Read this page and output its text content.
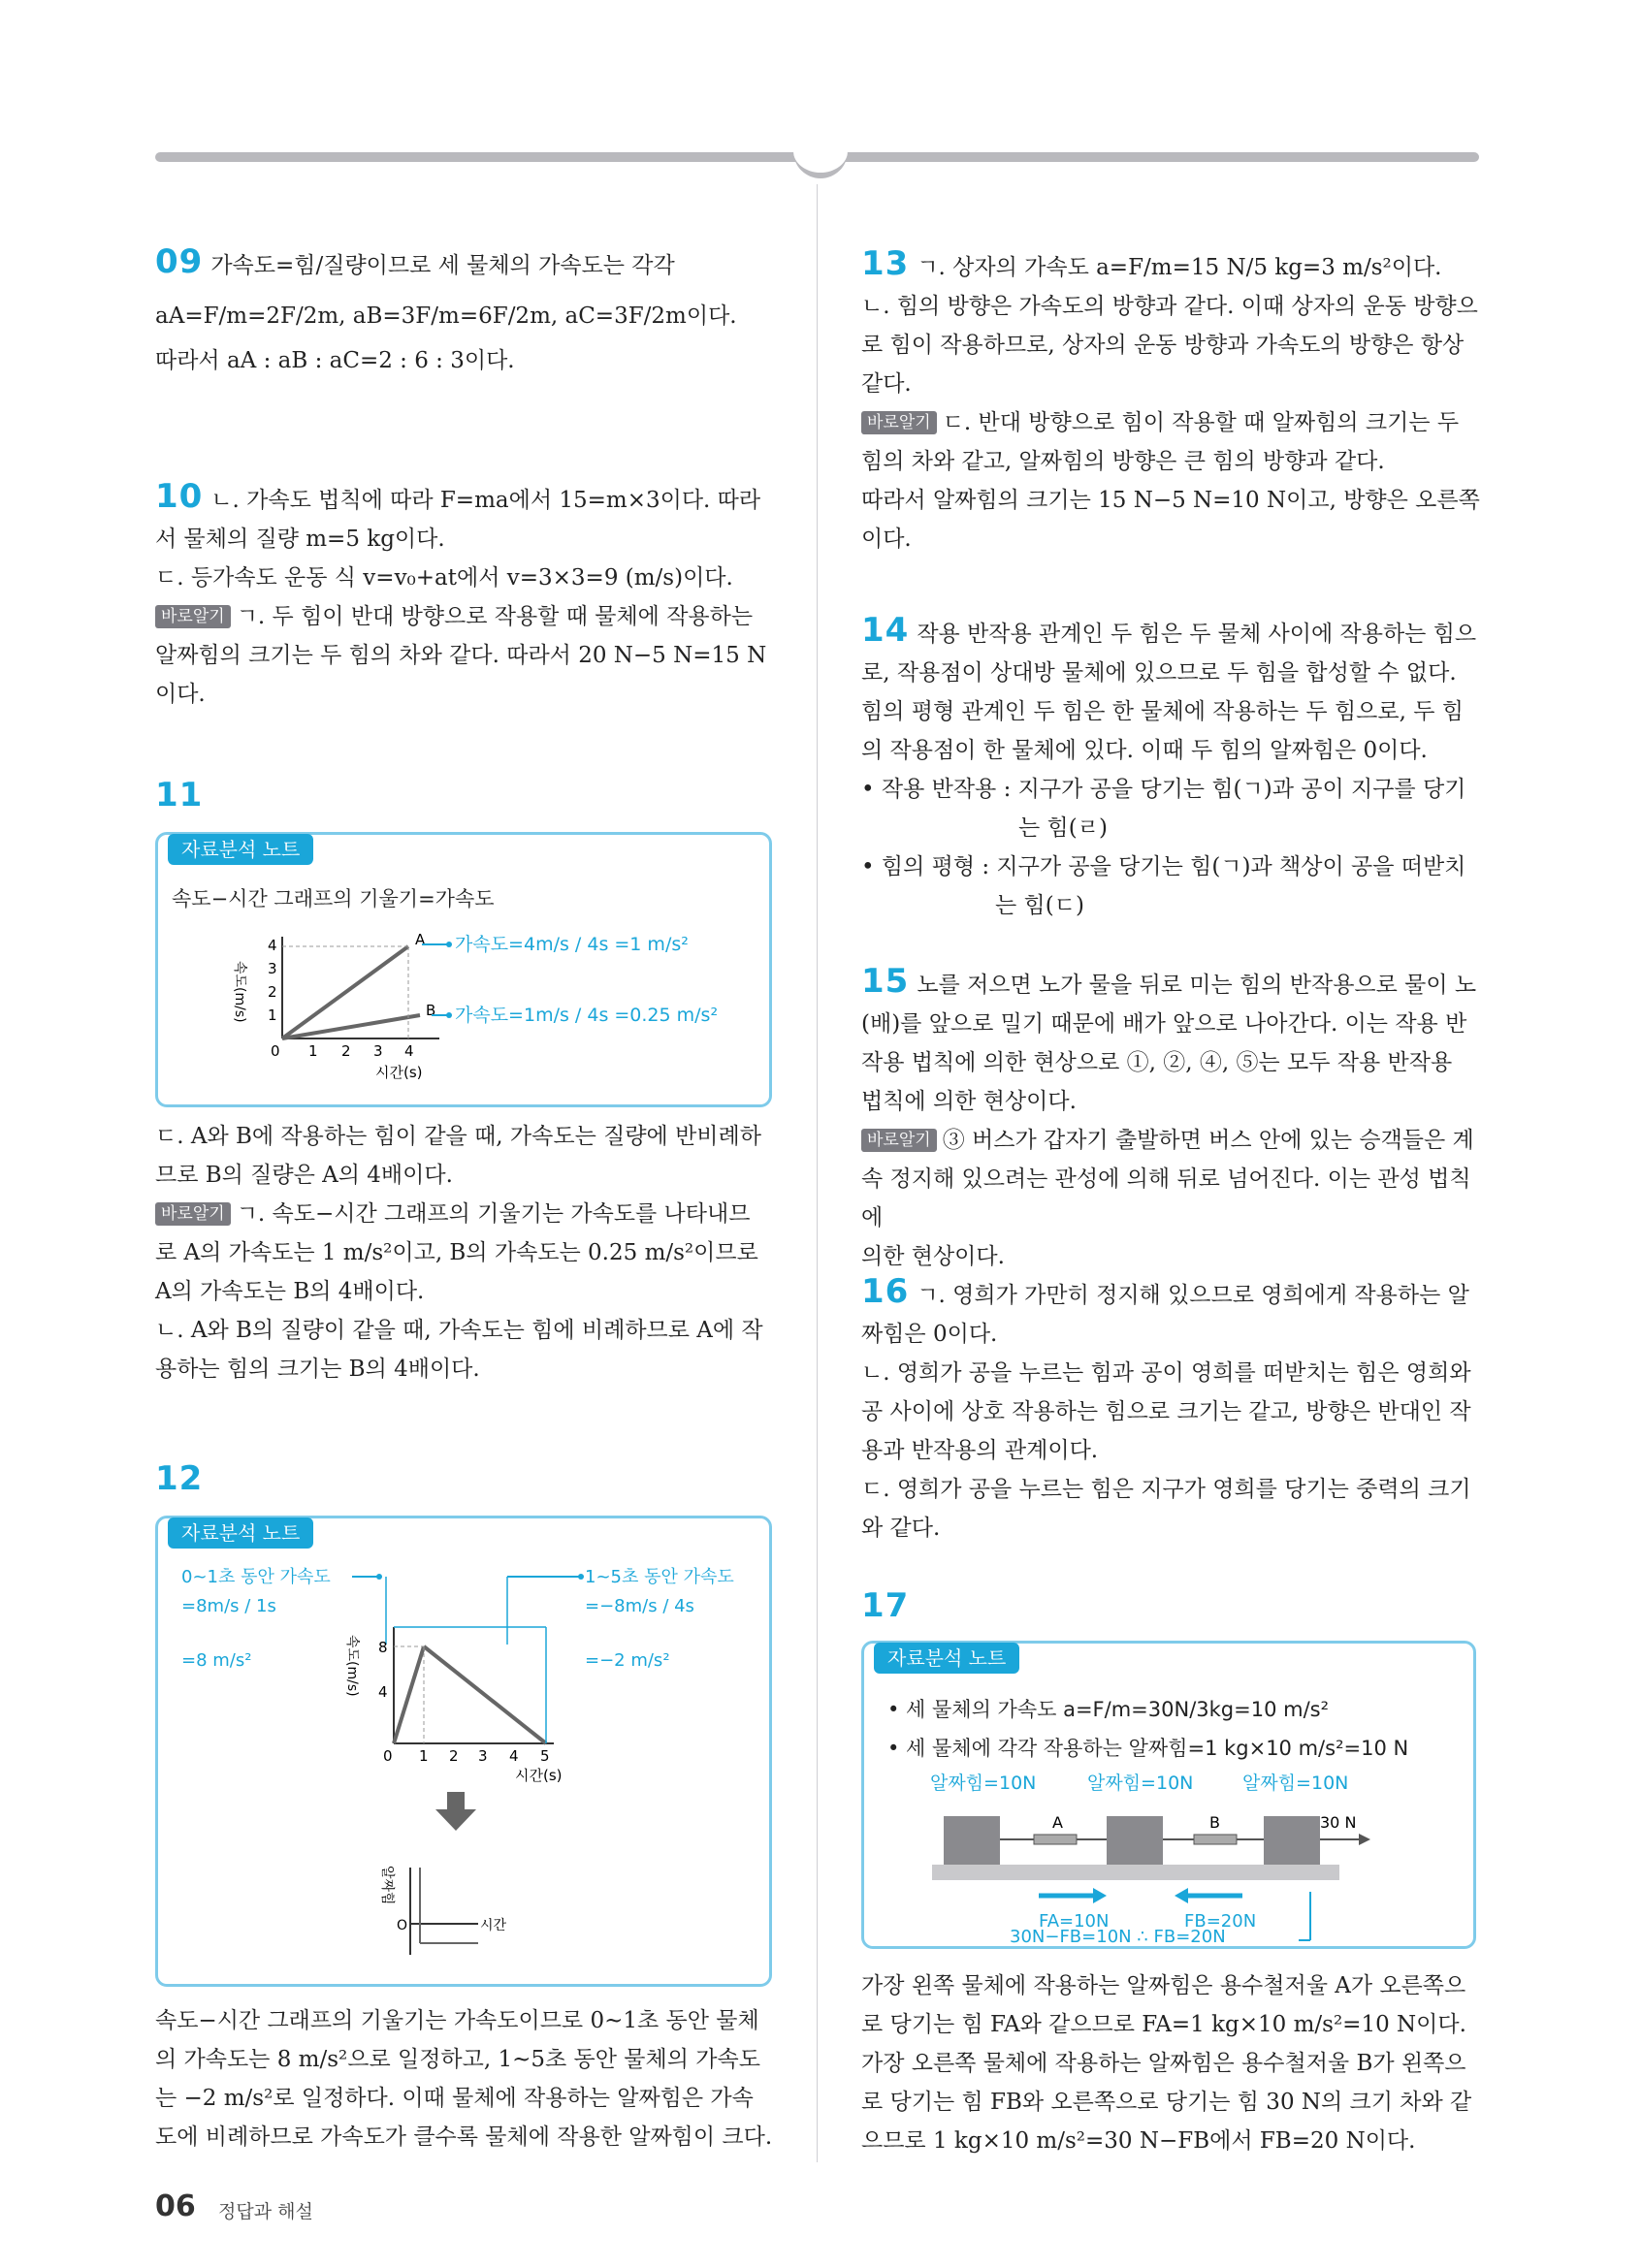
09 가속도=힘/질량이므로 세 물체의 가속도는 각각

aA=F/m=2F/2m, aB=3F/m=6F/2m, aC=3F/2m이다.

따라서 aA : aB : aC=2 : 6 : 3이다.

10 ㄴ. 가속도 법칙에 따라 F=ma에서 15=m×3이다. 따라

서 물체의 질량 m=5 kg이다.

ㄷ. 등가속도 운동 식 v=v₀+at에서 v=3×3=9 (m/s)이다.

바로알기 ㄱ. 두 힘이 반대 방향으로 작용할 때 물체에 작용하는

알짜힘의 크기는 두 힘의 차와 같다. 따라서 20 N−5 N=15 N

이다.

11

자료분석 노트
속도−시간 그래프의 기울기=가속도
4
3
2
1
0 1 2 3 4
A
B
속도(m/s)
시간(s)
가속도=4m/s / 4s =1 m/s²
가속도=1m/s / 4s =0.25 m/s²

ㄷ. A와 B에 작용하는 힘이 같을 때, 가속도는 질량에 반비례하

므로 B의 질량은 A의 4배이다.

바로알기 ㄱ. 속도−시간 그래프의 기울기는 가속도를 나타내므

로 A의 가속도는 1 m/s²이고, B의 가속도는 0.25 m/s²이므로

A의 가속도는 B의 4배이다.

ㄴ. A와 B의 질량이 같을 때, 가속도는 힘에 비례하므로 A에 작

용하는 힘의 크기는 B의 4배이다.

12

자료분석 노트
0~1초 동안 가속도
=8m/s / 1s
=8 m/s²
1~5초 동안 가속도
=−8m/s / 4s
=−2 m/s²
8
4
0 1 2 3 4 5
속도(m/s)
시간(s)
알짜힘
O	시간

속도−시간 그래프의 기울기는 가속도이므로 0~1초 동안 물체

의 가속도는 8 m/s²으로 일정하고, 1~5초 동안 물체의 가속도

는 −2 m/s²로 일정하다. 이때 물체에 작용하는 알짜힘은 가속

도에 비례하므로 가속도가 클수록 물체에 작용한 알짜힘이 크다.

13 ㄱ. 상자의 가속도 a=F/m=15 N/5 kg=3 m/s²이다.

ㄴ. 힘의 방향은 가속도의 방향과 같다. 이때 상자의 운동 방향으

로 힘이 작용하므로, 상자의 운동 방향과 가속도의 방향은 항상

같다.

바로알기 ㄷ. 반대 방향으로 힘이 작용할 때 알짜힘의 크기는 두

힘의 차와 같고, 알짜힘의 방향은 큰 힘의 방향과 같다.

따라서 알짜힘의 크기는 15 N−5 N=10 N이고, 방향은 오른쪽

이다.

14 작용 반작용 관계인 두 힘은 두 물체 사이에 작용하는 힘으

로, 작용점이 상대방 물체에 있으므로 두 힘을 합성할 수 없다.

힘의 평형 관계인 두 힘은 한 물체에 작용하는 두 힘으로, 두 힘

의 작용점이 한 물체에 있다. 이때 두 힘의 알짜힘은 0이다.

• 작용 반작용 : 지구가 공을 당기는 힘(ㄱ)과 공이 지구를 당기

는 힘(ㄹ)

• 힘의 평형 : 지구가 공을 당기는 힘(ㄱ)과 책상이 공을 떠받치

는 힘(ㄷ)

15 노를 저으면 노가 물을 뒤로 미는 힘의 반작용으로 물이 노

(배)를 앞으로 밀기 때문에 배가 앞으로 나아간다. 이는 작용 반

작용 법칙에 의한 현상으로 ①, ②, ④, ⑤는 모두 작용 반작용

법칙에 의한 현상이다.

바로알기 ③ 버스가 갑자기 출발하면 버스 안에 있는 승객들은 계

속 정지해 있으려는 관성에 의해 뒤로 넘어진다. 이는 관성 법칙에

의한 현상이다.

16 ㄱ. 영희가 가만히 정지해 있으므로 영희에게 작용하는 알

짜힘은 0이다.

ㄴ. 영희가 공을 누르는 힘과 공이 영희를 떠받치는 힘은 영희와

공 사이에 상호 작용하는 힘으로 크기는 같고, 방향은 반대인 작

용과 반작용의 관계이다.

ㄷ. 영희가 공을 누르는 힘은 지구가 영희를 당기는 중력의 크기

와 같다.

17

자료분석 노트
• 세 물체의 가속도 a=F/m=30N/3kg=10 m/s²
• 세 물체에 각각 작용하는 알짜힘=1 kg×10 m/s²=10 N
알짜힘=10N	알짜힘=10N	알짜힘=10N
A	B	30 N
FA=10N	FB=20N
30N−FB=10N ∴ FB=20N

가장 왼쪽 물체에 작용하는 알짜힘은 용수철저울 A가 오른쪽으

로 당기는 힘 FA와 같으므로 FA=1 kg×10 m/s²=10 N이다.

가장 오른쪽 물체에 작용하는 알짜힘은 용수철저울 B가 왼쪽으

로 당기는 힘 FB와 오른쪽으로 당기는 힘 30 N의 크기 차와 같

으므로 1 kg×10 m/s²=30 N−FB에서 FB=20 N이다.

06 정답과 해설
